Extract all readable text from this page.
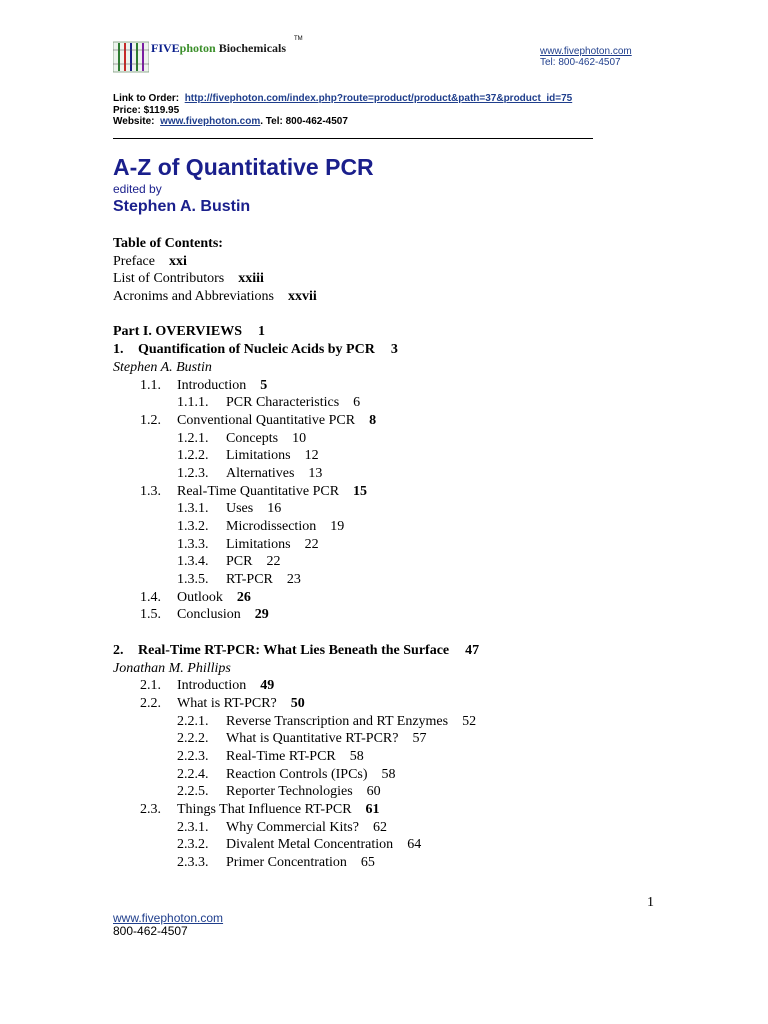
FIVEphoton Biochemicals
TM
www.fivephoton.com
Tel: 800-462-4507
Link to Order: http://fivephoton.com/index.php?route=product/product&path=37&product_id=75
Price: $119.95
Website: www.fivephoton.com. Tel: 800-462-4507
A-Z of Quantitative PCR
edited by
Stephen A. Bustin
Table of Contents:
Preface xxi
List of Contributors xxiii
Acronims and Abbreviations xxvii
Part I. OVERVIEWS 1
1. Quantification of Nucleic Acids by PCR 3
Stephen A. Bustin
1.1. Introduction 5
1.1.1. PCR Characteristics 6
1.2. Conventional Quantitative PCR 8
1.2.1. Concepts 10
1.2.2. Limitations 12
1.2.3. Alternatives 13
1.3. Real-Time Quantitative PCR 15
1.3.1. Uses 16
1.3.2. Microdissection 19
1.3.3. Limitations 22
1.3.4. PCR 22
1.3.5. RT-PCR 23
1.4. Outlook 26
1.5. Conclusion 29
2. Real-Time RT-PCR: What Lies Beneath the Surface 47
Jonathan M. Phillips
2.1. Introduction 49
2.2. What is RT-PCR? 50
2.2.1. Reverse Transcription and RT Enzymes 52
2.2.2. What is Quantitative RT-PCR? 57
2.2.3. Real-Time RT-PCR 58
2.2.4. Reaction Controls (IPCs) 58
2.2.5. Reporter Technologies 60
2.3. Things That Influence RT-PCR 61
2.3.1. Why Commercial Kits? 62
2.3.2. Divalent Metal Concentration 64
2.3.3. Primer Concentration 65
1
www.fivephoton.com
800-462-4507
